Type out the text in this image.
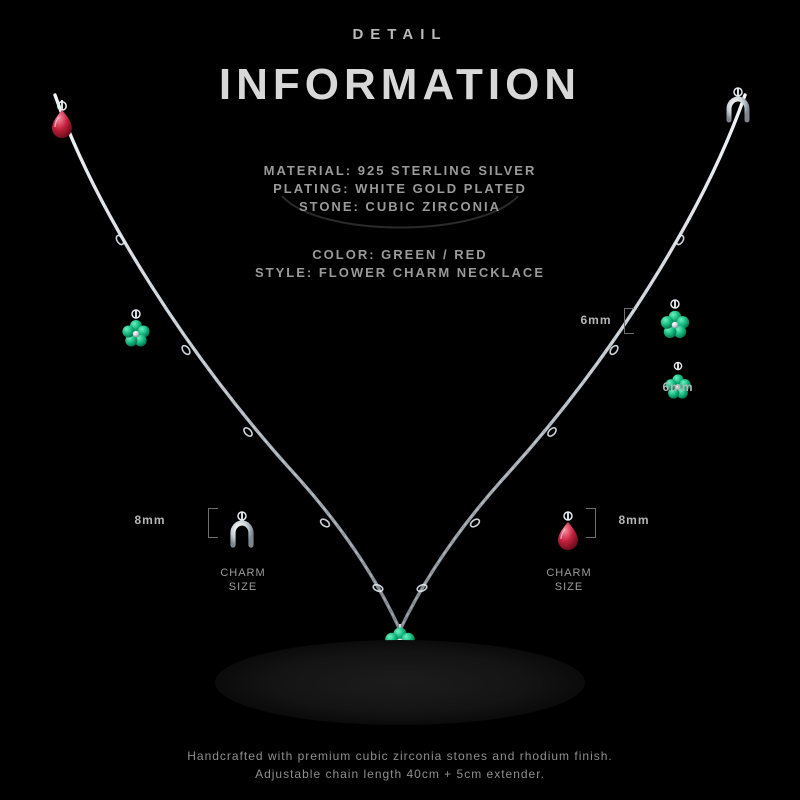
DETAIL
INFORMATION
MATERIAL: 925 STERLING SILVER
PLATING: WHITE GOLD PLATED
STONE: CUBIC ZIRCONIA
COLOR: GREEN / RED
STYLE: FLOWER CHARM NECKLACE
8mm
CHARM
SIZE
8mm
CHARM
SIZE
6mm
6mm
Handcrafted with premium cubic zirconia stones and rhodium finish.
Adjustable chain length 40cm + 5cm extender.
